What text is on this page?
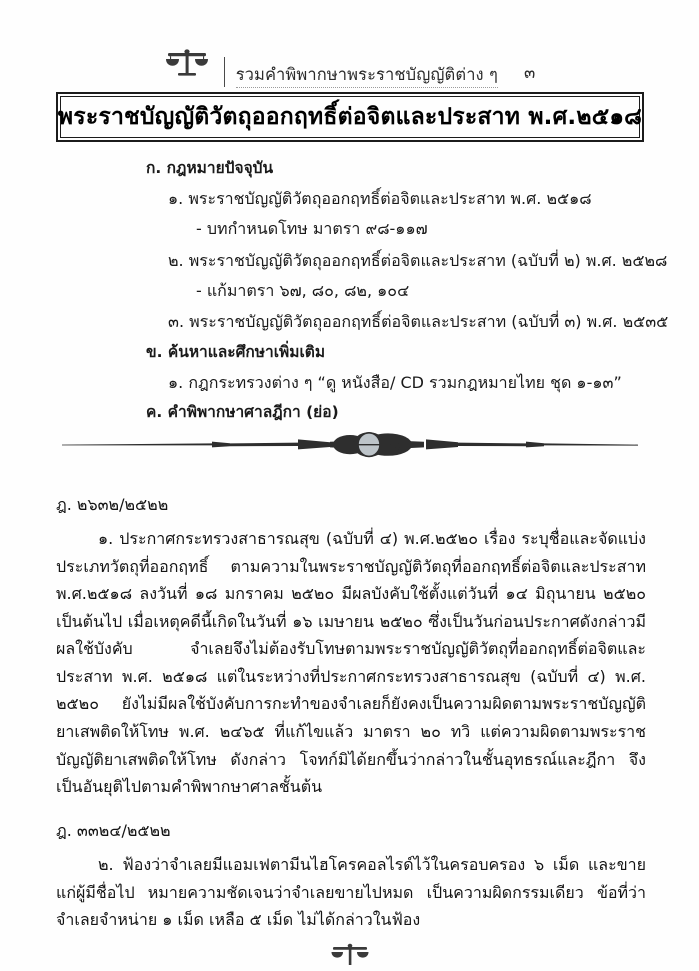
รวมคำพิพากษาพระราชบัญญัติต่าง ๆ ๓
พระราชบัญญัติวัตถุออกฤทธิ์ต่อจิตและประสาท พ.ศ.๒๕๑๘
ก. กฎหมายปัจจุบัน
๑. พระราชบัญญัติวัตถุออกฤทธิ์ต่อจิตและประสาท พ.ศ. ๒๕๑๘
- บทกำหนดโทษ มาตรา ๙๘-๑๑๗
๒. พระราชบัญญัติวัตถุออกฤทธิ์ต่อจิตและประสาท (ฉบับที่ ๒) พ.ศ. ๒๕๒๘
- แก้มาตรา ๖๗, ๘๐, ๘๒, ๑๐๔
๓. พระราชบัญญัติวัตถุออกฤทธิ์ต่อจิตและประสาท (ฉบับที่ ๓) พ.ศ. ๒๕๓๕
ข. ค้นหาและศึกษาเพิ่มเติม
๑. กฎกระทรวงต่าง ๆ “ดู หนังสือ/ CD รวมกฎหมายไทย ชุด ๑-๑๓”
ค. คำพิพากษาศาลฎีกา (ย่อ)

ฎ. ๒๖๓๒/๒๕๒๒

๑. ประกาศกระทรวงสาธารณสุข (ฉบับที่ ๔) พ.ศ.๒๕๒๐ เรื่อง ระบุชื่อและจัดแบ่งประเภทวัตถุที่ออกฤทธิ์ ตามความในพระราชบัญญัติวัตถุที่ออกฤทธิ์ต่อจิตและประสาท พ.ศ.๒๕๑๘ ลงวันที่ ๑๘ มกราคม ๒๕๒๐ มีผลบังคับใช้ตั้งแต่วันที่ ๑๔ มิถุนายน ๒๕๒๐ เป็นต้นไป เมื่อเหตุคดีนี้เกิดในวันที่ ๑๖ เมษายน ๒๕๒๐ ซึ่งเป็นวันก่อนประกาศดังกล่าวมีผลใช้บังคับ จำเลยจึงไม่ต้องรับโทษตามพระราชบัญญัติวัตถุที่ออกฤทธิ์ต่อจิตและประสาท พ.ศ. ๒๕๑๘ แต่ในระหว่างที่ประกาศกระทรวงสาธารณสุข (ฉบับที่ ๔) พ.ศ. ๒๕๒๐ ยังไม่มีผลใช้บังคับการกะทำของจำเลยก็ยังคงเป็นความผิดตามพระราชบัญญัติยาเสพติดให้โทษ พ.ศ. ๒๔๖๕ ที่แก้ไขแล้ว มาตรา ๒๐ ทวิ แต่ความผิดตามพระราชบัญญัติยาเสพติดให้โทษ ดังกล่าว โจทก์มิได้ยกขึ้นว่ากล่าวในชั้นอุทธรณ์และฎีกา จึงเป็นอันยุติไปตามคำพิพากษาศาลชั้นต้น

ฎ. ๓๓๒๔/๒๕๒๒

๒. ฟ้องว่าจำเลยมีแอมเฟตามีนไฮโครคอลไรด์ไว้ในครอบครอง ๖ เม็ด และขายแก่ผู้มีชื่อไป หมายความชัดเจนว่าจำเลยขายไปหมด เป็นความผิดกรรมเดียว ข้อที่ว่าจำเลยจำหน่าย ๑ เม็ด เหลือ ๕ เม็ด ไม่ได้กล่าวในฟ้อง
